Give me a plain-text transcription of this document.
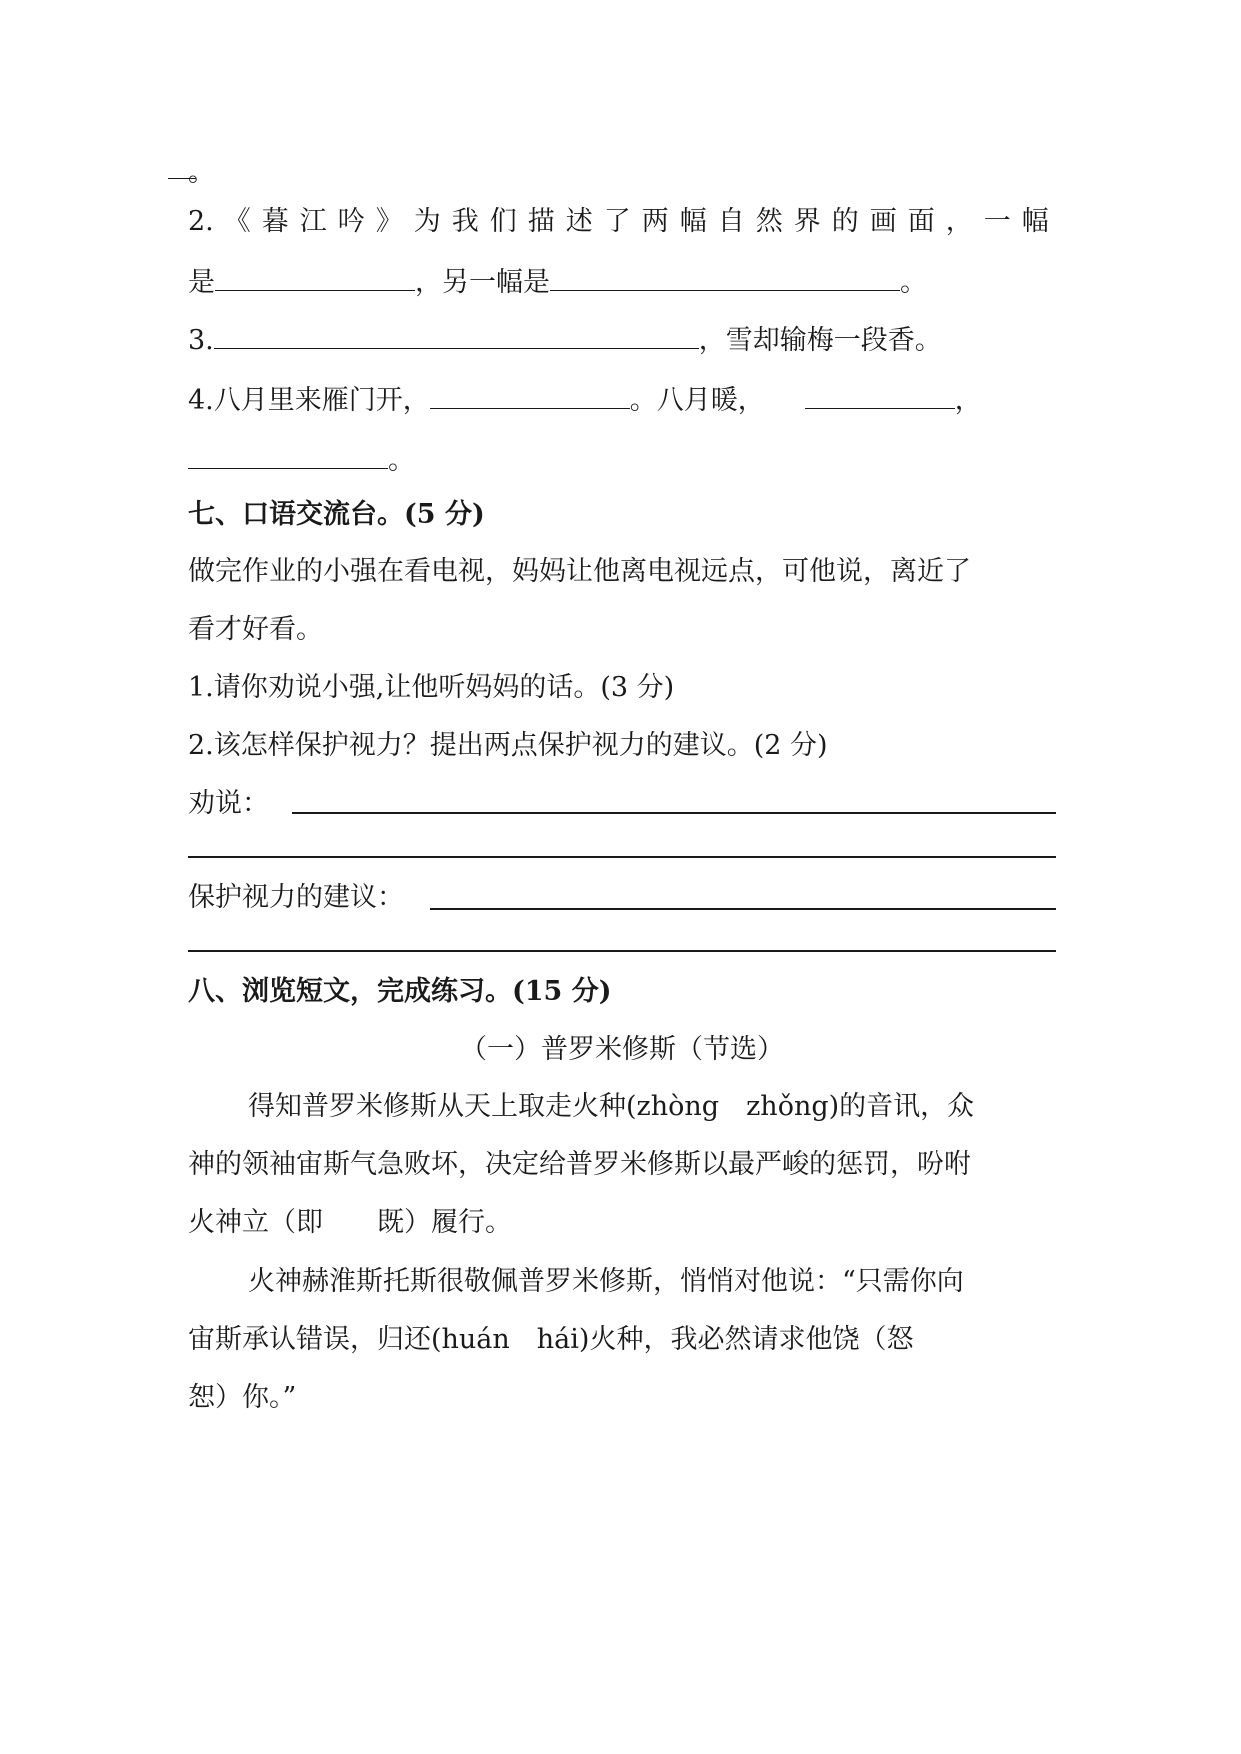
。
2. 《暮江吟》为我们描述了两幅自然界的画面，一幅
是	，另一幅是	。
3.	，雪却输梅一段香。
4.八月里来雁门开，	。八月暖，	，
。
七、口语交流台。(5 分)
做完作业的小强在看电视，妈妈让他离电视远点，可他说，离近了
看才好看。
1.请你劝说小强,让他听妈妈的话。(3 分)
2.该怎样保护视力？提出两点保护视力的建议。(2 分)
劝说：
保护视力的建议：
八、浏览短文，完成练习。(15 分)
（一）普罗米修斯（节选）
得知普罗米修斯从天上取走火种(zhòng　zhǒng)的音讯，众
神的领袖宙斯气急败坏，决定给普罗米修斯以最严峻的惩罚，吩咐
火神立（即　　既）履行。
火神赫淮斯托斯很敬佩普罗米修斯，悄悄对他说：“只需你向
宙斯承认错误，归还(huán　hái)火种，我必然请求他饶（怒
恕）你。”
